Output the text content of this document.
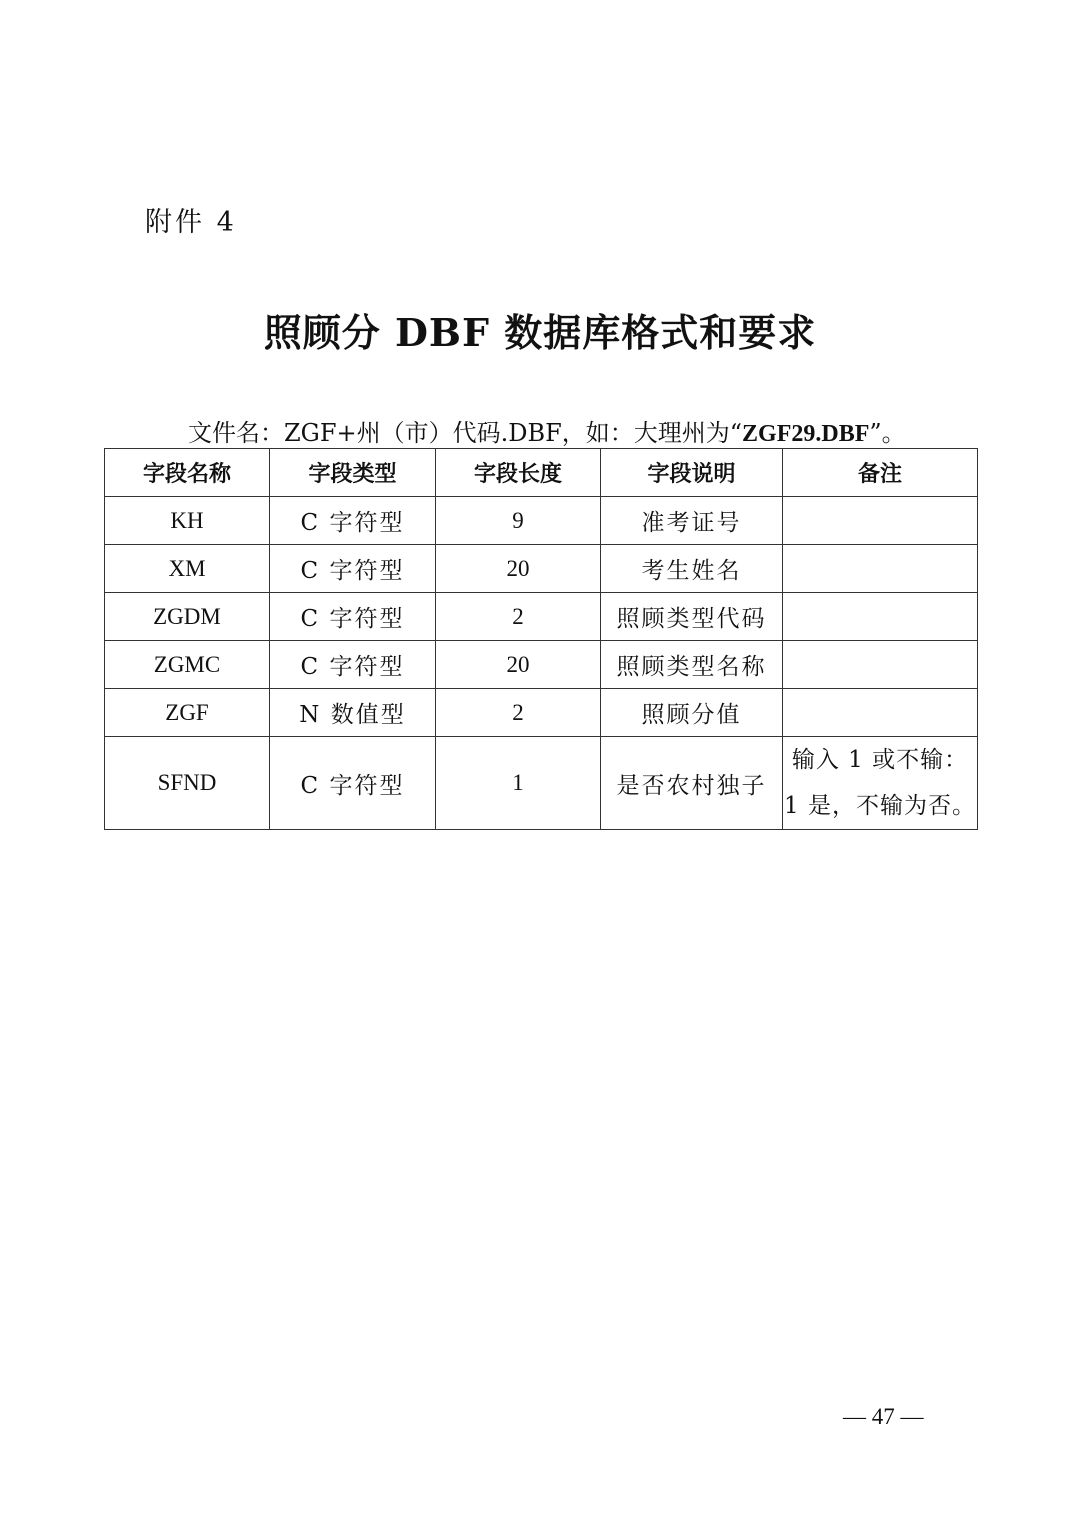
附件 4
照顾分 DBF 数据库格式和要求
文件名：ZGF+州（市）代码.DBF，如：大理州为“ZGF29.DBF”。
字段名称	字段类型	字段长度	字段说明	备注
KH	C 字符型	9	准考证号	
XM	C 字符型	20	考生姓名	
ZGDM	C 字符型	2	照顾类型代码	
ZGMC	C 字符型	20	照顾类型名称	
ZGF	N 数值型	2	照顾分值	
SFND	C 字符型	1	是否农村独子	输入 1 或不输：
1 是，不输为否。
— 47 —
